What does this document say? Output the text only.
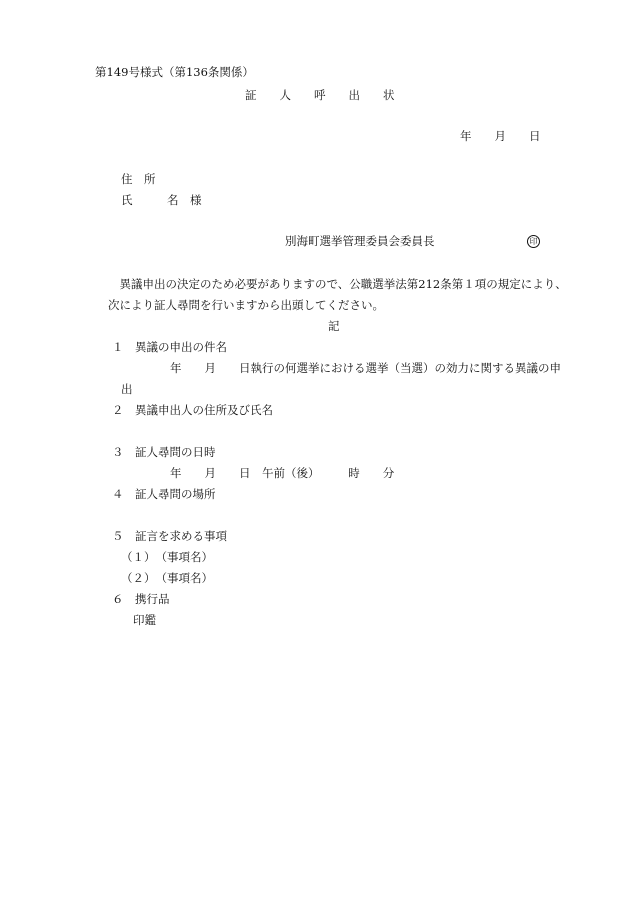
第149号様式（第136条関係）
証　　人　　呼　　出　　状
年　　月　　日
住　所
氏　　　名　様
別海町選挙管理委員会委員長	印
　異議申出の決定のため必要がありますので、公職選挙法第212条第１項の規定により、
次により証人尋問を行いますから出頭してください。
記
１　異議の申出の件名
年　　月　　日執行の何選挙における選挙（当選）の効力に関する異議の申
出
２　異議申出人の住所及び氏名
３　証人尋問の日時
年　　月　　日　午前（後）　　　時　　分
４　証人尋問の場所
５　証言を求める事項
（１）　（事項名）
（２）　（事項名）
６　携行品
印鑑
